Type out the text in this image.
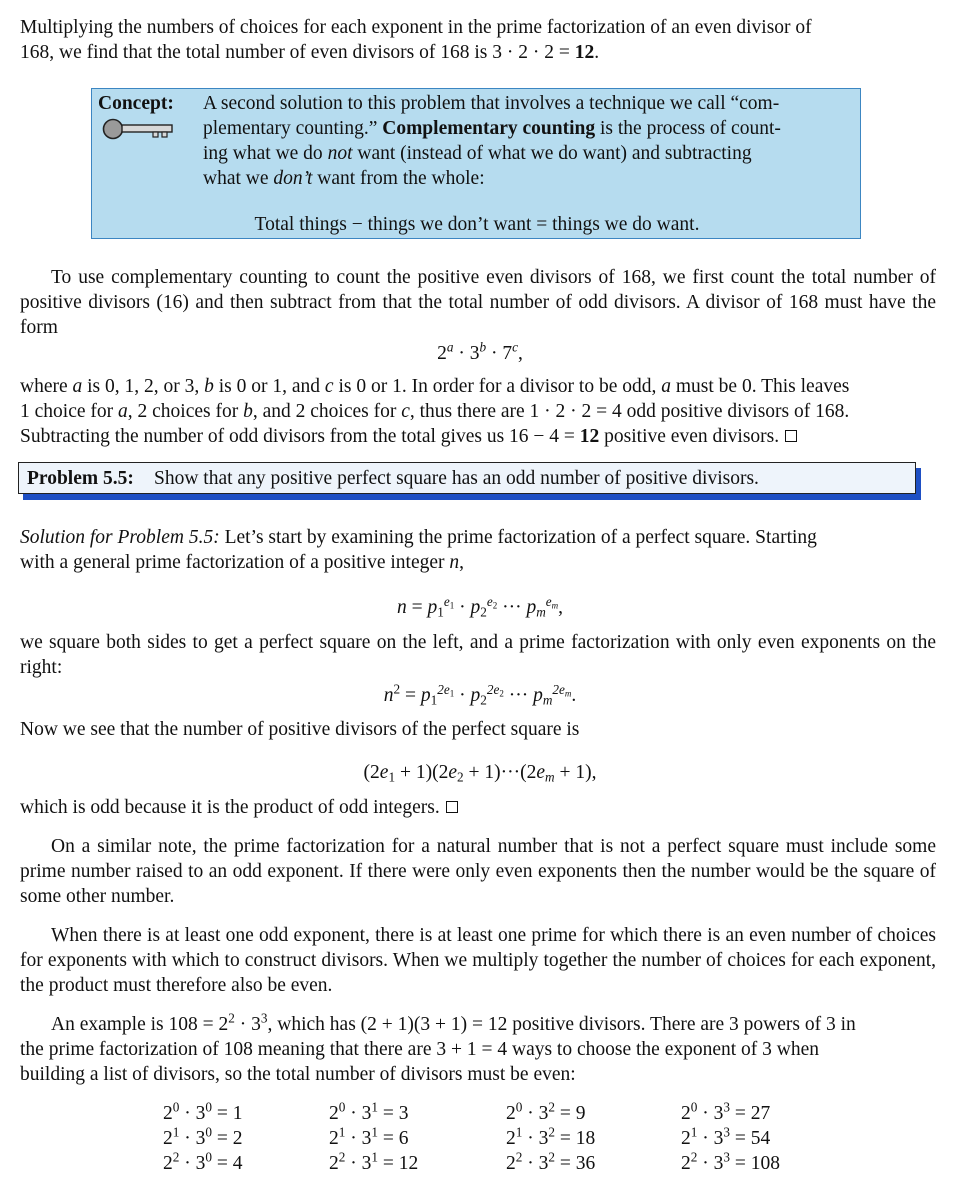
Multiplying the numbers of choices for each exponent in the prime factorization of an even divisor of
168, we find that the total number of even divisors of 168 is 3 · 2 · 2 = 12.

Concept: A second solution to this problem that involves a technique we call “com-
plementary counting.” Complementary counting is the process of count-
ing what we do not want (instead of what we do want) and subtracting
what we don’t want from the whole:
Total things − things we don’t want = things we do want.

To use complementary counting to count the positive even divisors of 168, we first count the total number of positive divisors (16) and then subtract from that the total number of odd divisors. A divisor of 168 must have the form

$2^a \cdot 3^b \cdot 7^c$,

where a is 0, 1, 2, or 3, b is 0 or 1, and c is 0 or 1. In order for a divisor to be odd, a must be 0. This leaves
1 choice for a, 2 choices for b, and 2 choices for c, thus there are 1 · 2 · 2 = 4 odd positive divisors of 168.
Subtracting the number of odd divisors from the total gives us 16 − 4 = 12 positive even divisors.

Problem 5.5: Show that any positive perfect square has an odd number of positive divisors.

Solution for Problem 5.5: Let’s start by examining the prime factorization of a perfect square. Starting
with a general prime factorization of a positive integer n,

$n = p_1^{e_1} \cdot p_2^{e_2}$ ··· $p_m^{e_m}$,

we square both sides to get a perfect square on the left, and a prime factorization with only even exponents on the right:

$n^2 = p_1^{2e_1} \cdot p_2^{2e_2}$ ··· $p_m^{2e_m}$.

Now we see that the number of positive divisors of the perfect square is

$(2e_1 + 1)(2e_2 + 1)\cdot\cdot\cdot(2e_m + 1)$,

which is odd because it is the product of odd integers.

On a similar note, the prime factorization for a natural number that is not a perfect square must include some prime number raised to an odd exponent. If there were only even exponents then the number would be the square of some other number.

When there is at least one odd exponent, there is at least one prime for which there is an even number of choices for exponents with which to construct divisors. When we multiply together the number of choices for each exponent, the product must therefore also be even.

An example is $108 = 2^2 \cdot 3^3$, which has (2 + 1)(3 + 1) = 12 positive divisors. There are 3 powers of 3 in
the prime factorization of 108 meaning that there are 3 + 1 = 4 ways to choose the exponent of 3 when
building a list of divisors, so the total number of divisors must be even:

$2^0 \cdot 3^0 = 1$
$2^1 \cdot 3^0 = 2$
$2^2 \cdot 3^0 = 4$
$2^0 \cdot 3^1 = 3$
$2^1 \cdot 3^1 = 6$
$2^2 \cdot 3^1 = 12$
$2^0 \cdot 3^2 = 9$
$2^1 \cdot 3^2 = 18$
$2^2 \cdot 3^2 = 36$
$2^0 \cdot 3^3 = 27$
$2^1 \cdot 3^3 = 54$
$2^2 \cdot 3^3 = 108$
